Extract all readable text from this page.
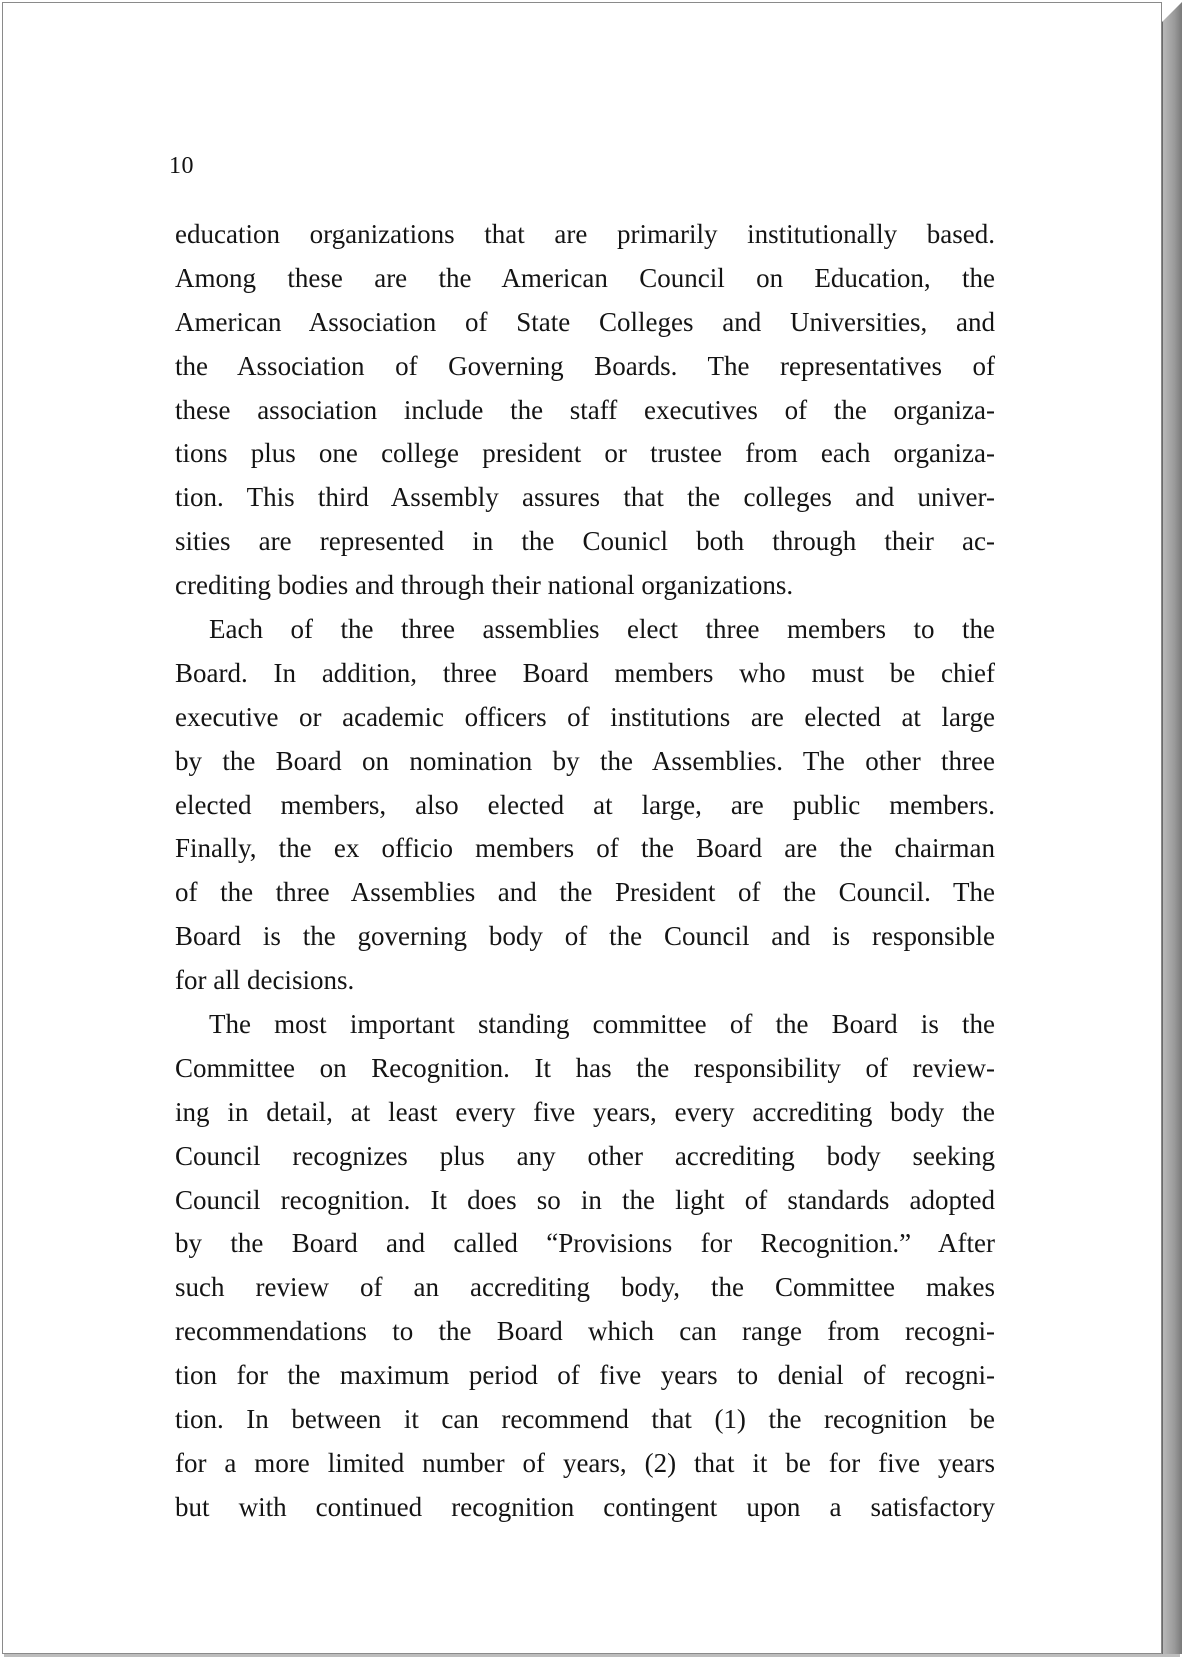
10
education organizations that are primarily institutionally based.
Among these are the American Council on Education, the
American Association of State Colleges and Universities, and
the Association of Governing Boards. The representatives of
these association include the staff executives of the organiza-
tions plus one college president or trustee from each organiza-
tion. This third Assembly assures that the colleges and univer-
sities are represented in the Counicl both through their ac-
crediting bodies and through their national organizations.
Each of the three assemblies elect three members to the
Board. In addition, three Board members who must be chief
executive or academic officers of institutions are elected at large
by the Board on nomination by the Assemblies. The other three
elected members, also elected at large, are public members.
Finally, the ex officio members of the Board are the chairman
of the three Assemblies and the President of the Council. The
Board is the governing body of the Council and is responsible
for all decisions.
The most important standing committee of the Board is the
Committee on Recognition. It has the responsibility of review-
ing in detail, at least every five years, every accrediting body the
Council recognizes plus any other accrediting body seeking
Council recognition. It does so in the light of standards adopted
by the Board and called “Provisions for Recognition.” After
such review of an accrediting body, the Committee makes
recommendations to the Board which can range from recogni-
tion for the maximum period of five years to denial of recogni-
tion. In between it can recommend that (1) the recognition be
for a more limited number of years, (2) that it be for five years
but with continued recognition contingent upon a satisfactory
